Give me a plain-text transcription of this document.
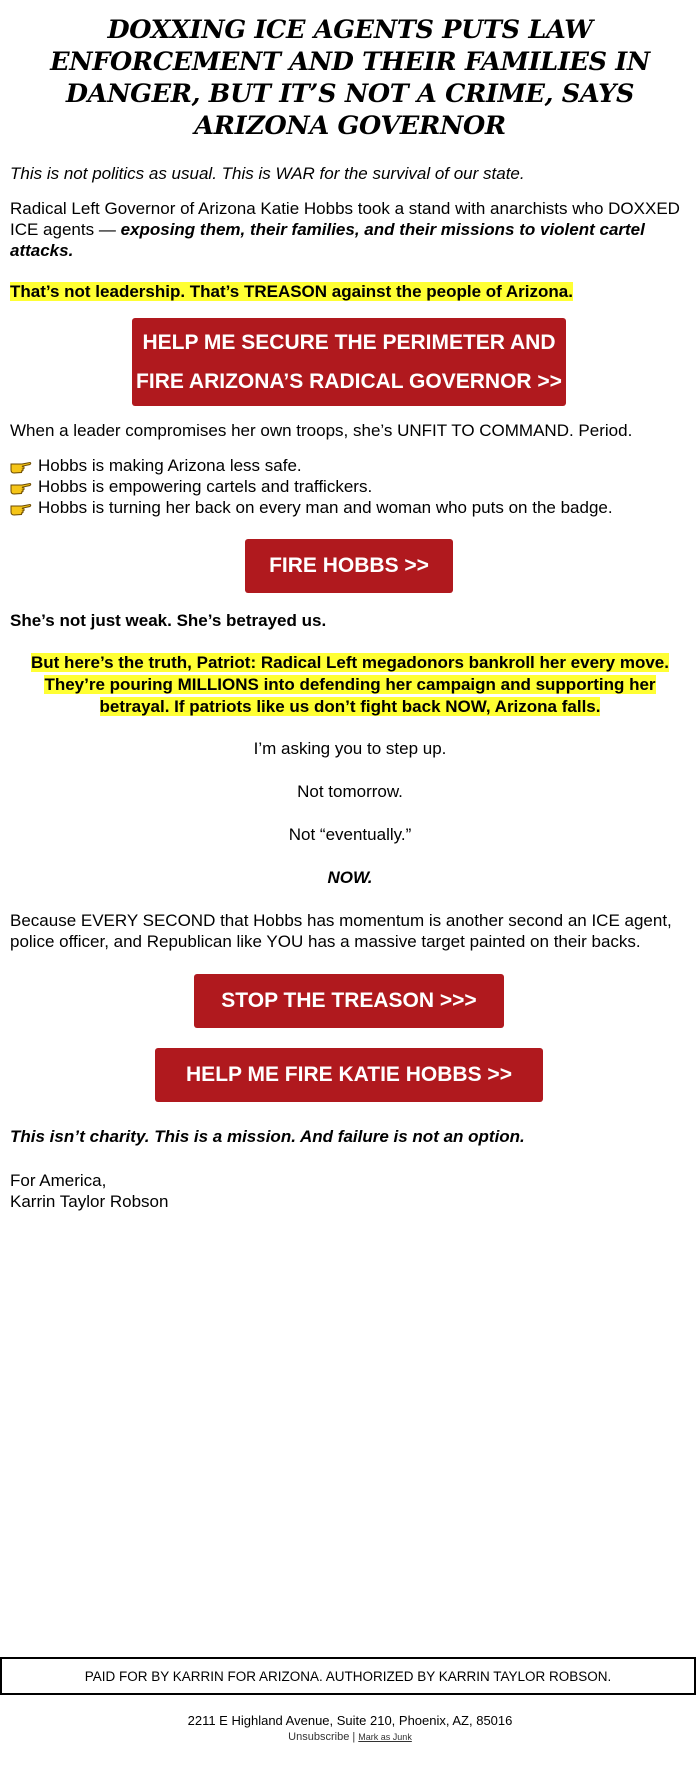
DOXXING ICE AGENTS PUTS LAW ENFORCEMENT AND THEIR FAMILIES IN DANGER, BUT IT’S NOT A CRIME, SAYS ARIZONA GOVERNOR

This is not politics as usual. This is WAR for the survival of our state.

Radical Left Governor of Arizona Katie Hobbs took a stand with anarchists who DOXXED ICE agents — exposing them, their families, and their missions to violent cartel attacks.

That’s not leadership. That’s TREASON against the people of Arizona.

HELP ME SECURE THE PERIMETER AND
FIRE ARIZONA’S RADICAL GOVERNOR >>

When a leader compromises her own troops, she’s UNFIT TO COMMAND. Period.

Hobbs is making Arizona less safe.
Hobbs is empowering cartels and traffickers.
Hobbs is turning her back on every man and woman who puts on the badge.
FIRE HOBBS >>

She’s not just weak. She’s betrayed us.

But here’s the truth, Patriot: Radical Left megadonors bankroll her every move. They’re pouring MILLIONS into defending her campaign and supporting her betrayal. If patriots like us don’t fight back NOW, Arizona falls.

I’m asking you to step up.

Not tomorrow.

Not “eventually.”

NOW.

Because EVERY SECOND that Hobbs has momentum is another second an ICE agent, police officer, and Republican like YOU has a massive target painted on their backs.

STOP THE TREASON >>>
HELP ME FIRE KATIE HOBBS >>

This isn’t charity. This is a mission. And failure is not an option.

For America,

Karrin Taylor Robson

PAID FOR BY KARRIN FOR ARIZONA. AUTHORIZED BY KARRIN TAYLOR ROBSON.
2211 E Highland Avenue, Suite 210, Phoenix, AZ, 85016
Unsubscribe | Mark as Junk
